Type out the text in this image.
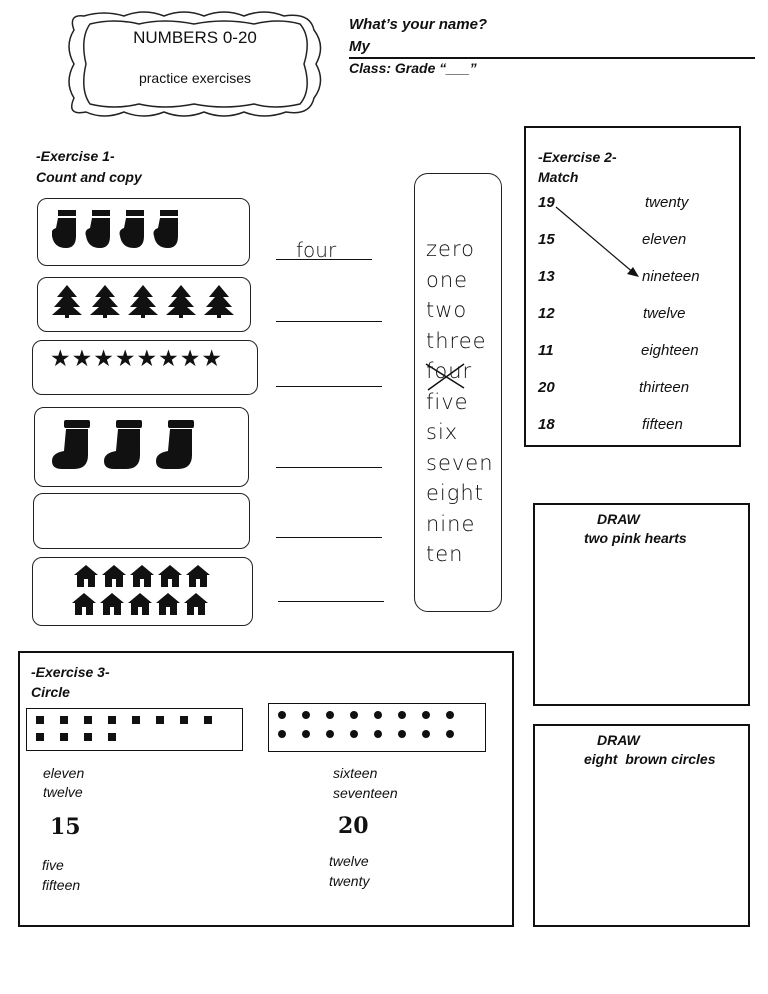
NUMBERS 0-20
practice exercises
What’s your name?
My
Class: Grade “___”
-Exercise 1-
Count and copy
★★★★★★★★
four	zero
one
two
three
four
five
six
seven
eight
nine
ten
-Exercise 2-
Match
19	twenty
15	eleven
13	nineteen
12	twelve
11	eighteen
20	thirteen
18	fifteen
DRAW
two pink hearts
DRAW
eight  brown circles
-Exercise 3-
Circle
eleven
twelve
15
five
fifteen
sixteen
seventeen
20
twelve
twenty
